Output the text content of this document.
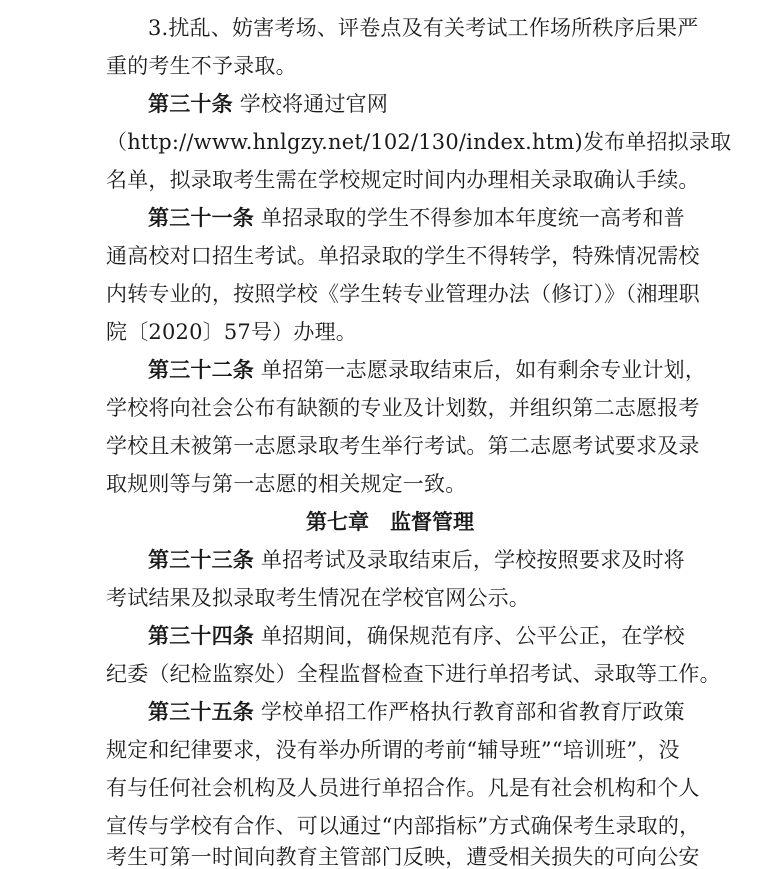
3.扰乱、妨害考场、评卷点及有关考试工作场所秩序后果严
重的考生不予录取。
第三十条 学校将通过官网
（http://www.hnlgzy.net/102/130/index.htm)发布单招拟录取
名单，拟录取考生需在学校规定时间内办理相关录取确认手续。
第三十一条 单招录取的学生不得参加本年度统一高考和普
通高校对口招生考试。单招录取的学生不得转学，特殊情况需校
内转专业的，按照学校《学生转专业管理办法（修订）》（湘理职
院〔2020〕57号）办理。
第三十二条 单招第一志愿录取结束后，如有剩余专业计划，
学校将向社会公布有缺额的专业及计划数，并组织第二志愿报考
学校且未被第一志愿录取考生举行考试。第二志愿考试要求及录
取规则等与第一志愿的相关规定一致。
第七章　监督管理
第三十三条 单招考试及录取结束后，学校按照要求及时将
考试结果及拟录取考生情况在学校官网公示。
第三十四条 单招期间，确保规范有序、公平公正，在学校
纪委（纪检监察处）全程监督检查下进行单招考试、录取等工作。
第三十五条 学校单招工作严格执行教育部和省教育厅政策
规定和纪律要求，没有举办所谓的考前“辅导班”“培训班”，没
有与任何社会机构及人员进行单招合作。凡是有社会机构和个人
宣传与学校有合作、可以通过“内部指标”方式确保考生录取的，
考生可第一时间向教育主管部门反映，遭受相关损失的可向公安
